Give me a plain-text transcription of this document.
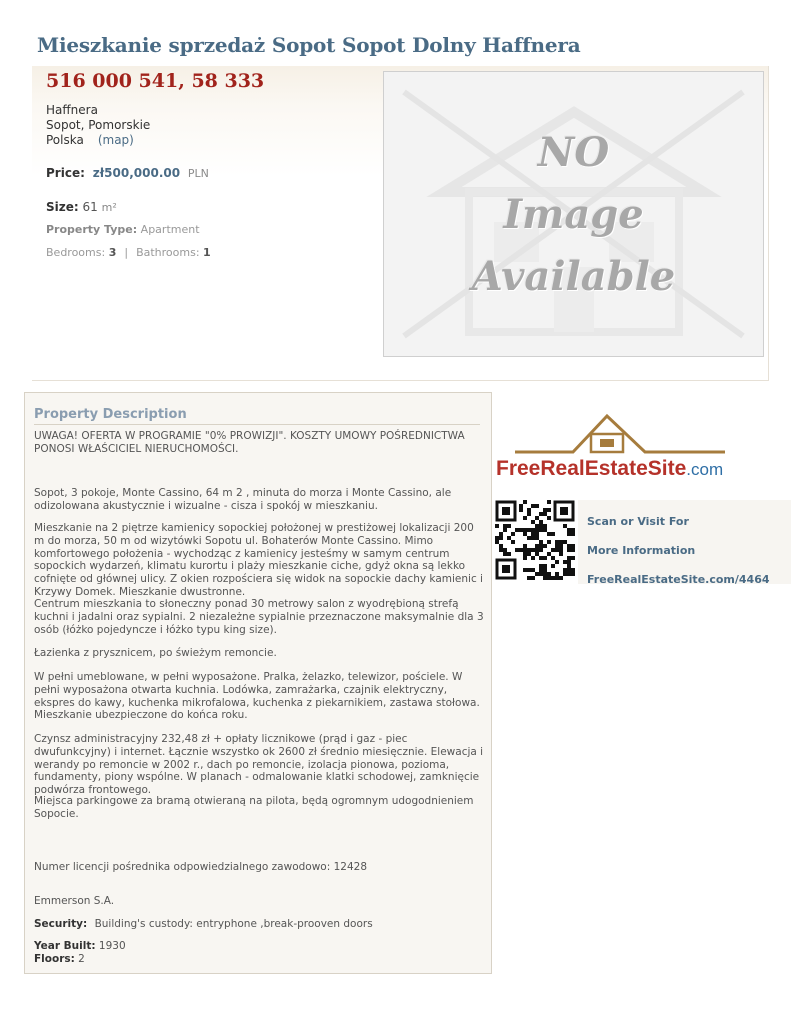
Mieszkanie sprzedaż Sopot Sopot Dolny Haffnera
516 000 541, 58 333
Haffnera
Sopot, Pomorskie
Polska (map)
Price: zł500,000.00 PLN
Size: 61 m²
Property Type: Apartment
Bedrooms: 3 | Bathrooms: 1
NO
Image
Available
Property Description

UWAGA! OFERTA W PROGRAMIE "0% PROWIZJI". KOSZTY UMOWY POŚREDNICTWA PONOSI WŁAŚCICIEL NIERUCHOMOŚCI.

Sopot, 3 pokoje, Monte Cassino, 64 m 2 , minuta do morza i Monte Cassino, ale odizolowana akustycznie i wizualne - cisza i spokój w mieszkaniu.

Mieszkanie na 2 piętrze kamienicy sopockiej położonej w prestiżowej lokalizacji 200 m do morza, 50 m od wizytówki Sopotu ul. Bohaterów Monte Cassino. Mimo komfortowego położenia - wychodząc z kamienicy jesteśmy w samym centrum sopockich wydarzeń, klimatu kurortu i plaży mieszkanie ciche, gdyż okna są lekko cofnięte od głównej ulicy. Z okien rozpościera się widok na sopockie dachy kamienic i Krzywy Domek. Mieszkanie dwustronne.

Centrum mieszkania to słoneczny ponad 30 metrowy salon z wyodrębioną strefą kuchni i jadalni oraz sypialni. 2 niezależne sypialnie przeznaczone maksymalnie dla 3 osób (łóżko pojedyncze i łóżko typu king size).

Łazienka z prysznicem, po świeżym remoncie.

W pełni umeblowane, w pełni wyposażone. Pralka, żelazko, telewizor, pościele. W pełni wyposażona otwarta kuchnia. Lodówka, zamrażarka, czajnik elektryczny, ekspres do kawy, kuchenka mikrofalowa, kuchenka z piekarnikiem, zastawa stołowa. Mieszkanie ubezpieczone do końca roku.

Czynsz administracyjny 232,48 zł + opłaty licznikowe (prąd i gaz - piec dwufunkcyjny) i internet. Łącznie wszystko ok 2600 zł średnio miesięcznie. Elewacja i werandy po remoncie w 2002 r., dach po remoncie, izolacja pionowa, pozioma, fundamenty, piony wspólne. W planach - odmalowanie klatki schodowej, zamknięcie podwórza frontowego.

Miejsca parkingowe za bramą otwieraną na pilota, będą ogromnym udogodnieniem Sopocie.

Numer licencji pośrednika odpowiedzialnego zawodowo: 12428

Emmerson S.A.

Security: Building's custody: entryphone ,break-prooven doors
Year Built: 1930
Floors: 2
FreeRealEstateSite.com
Scan or Visit For
More Information
FreeRealEstateSite.com/4464
